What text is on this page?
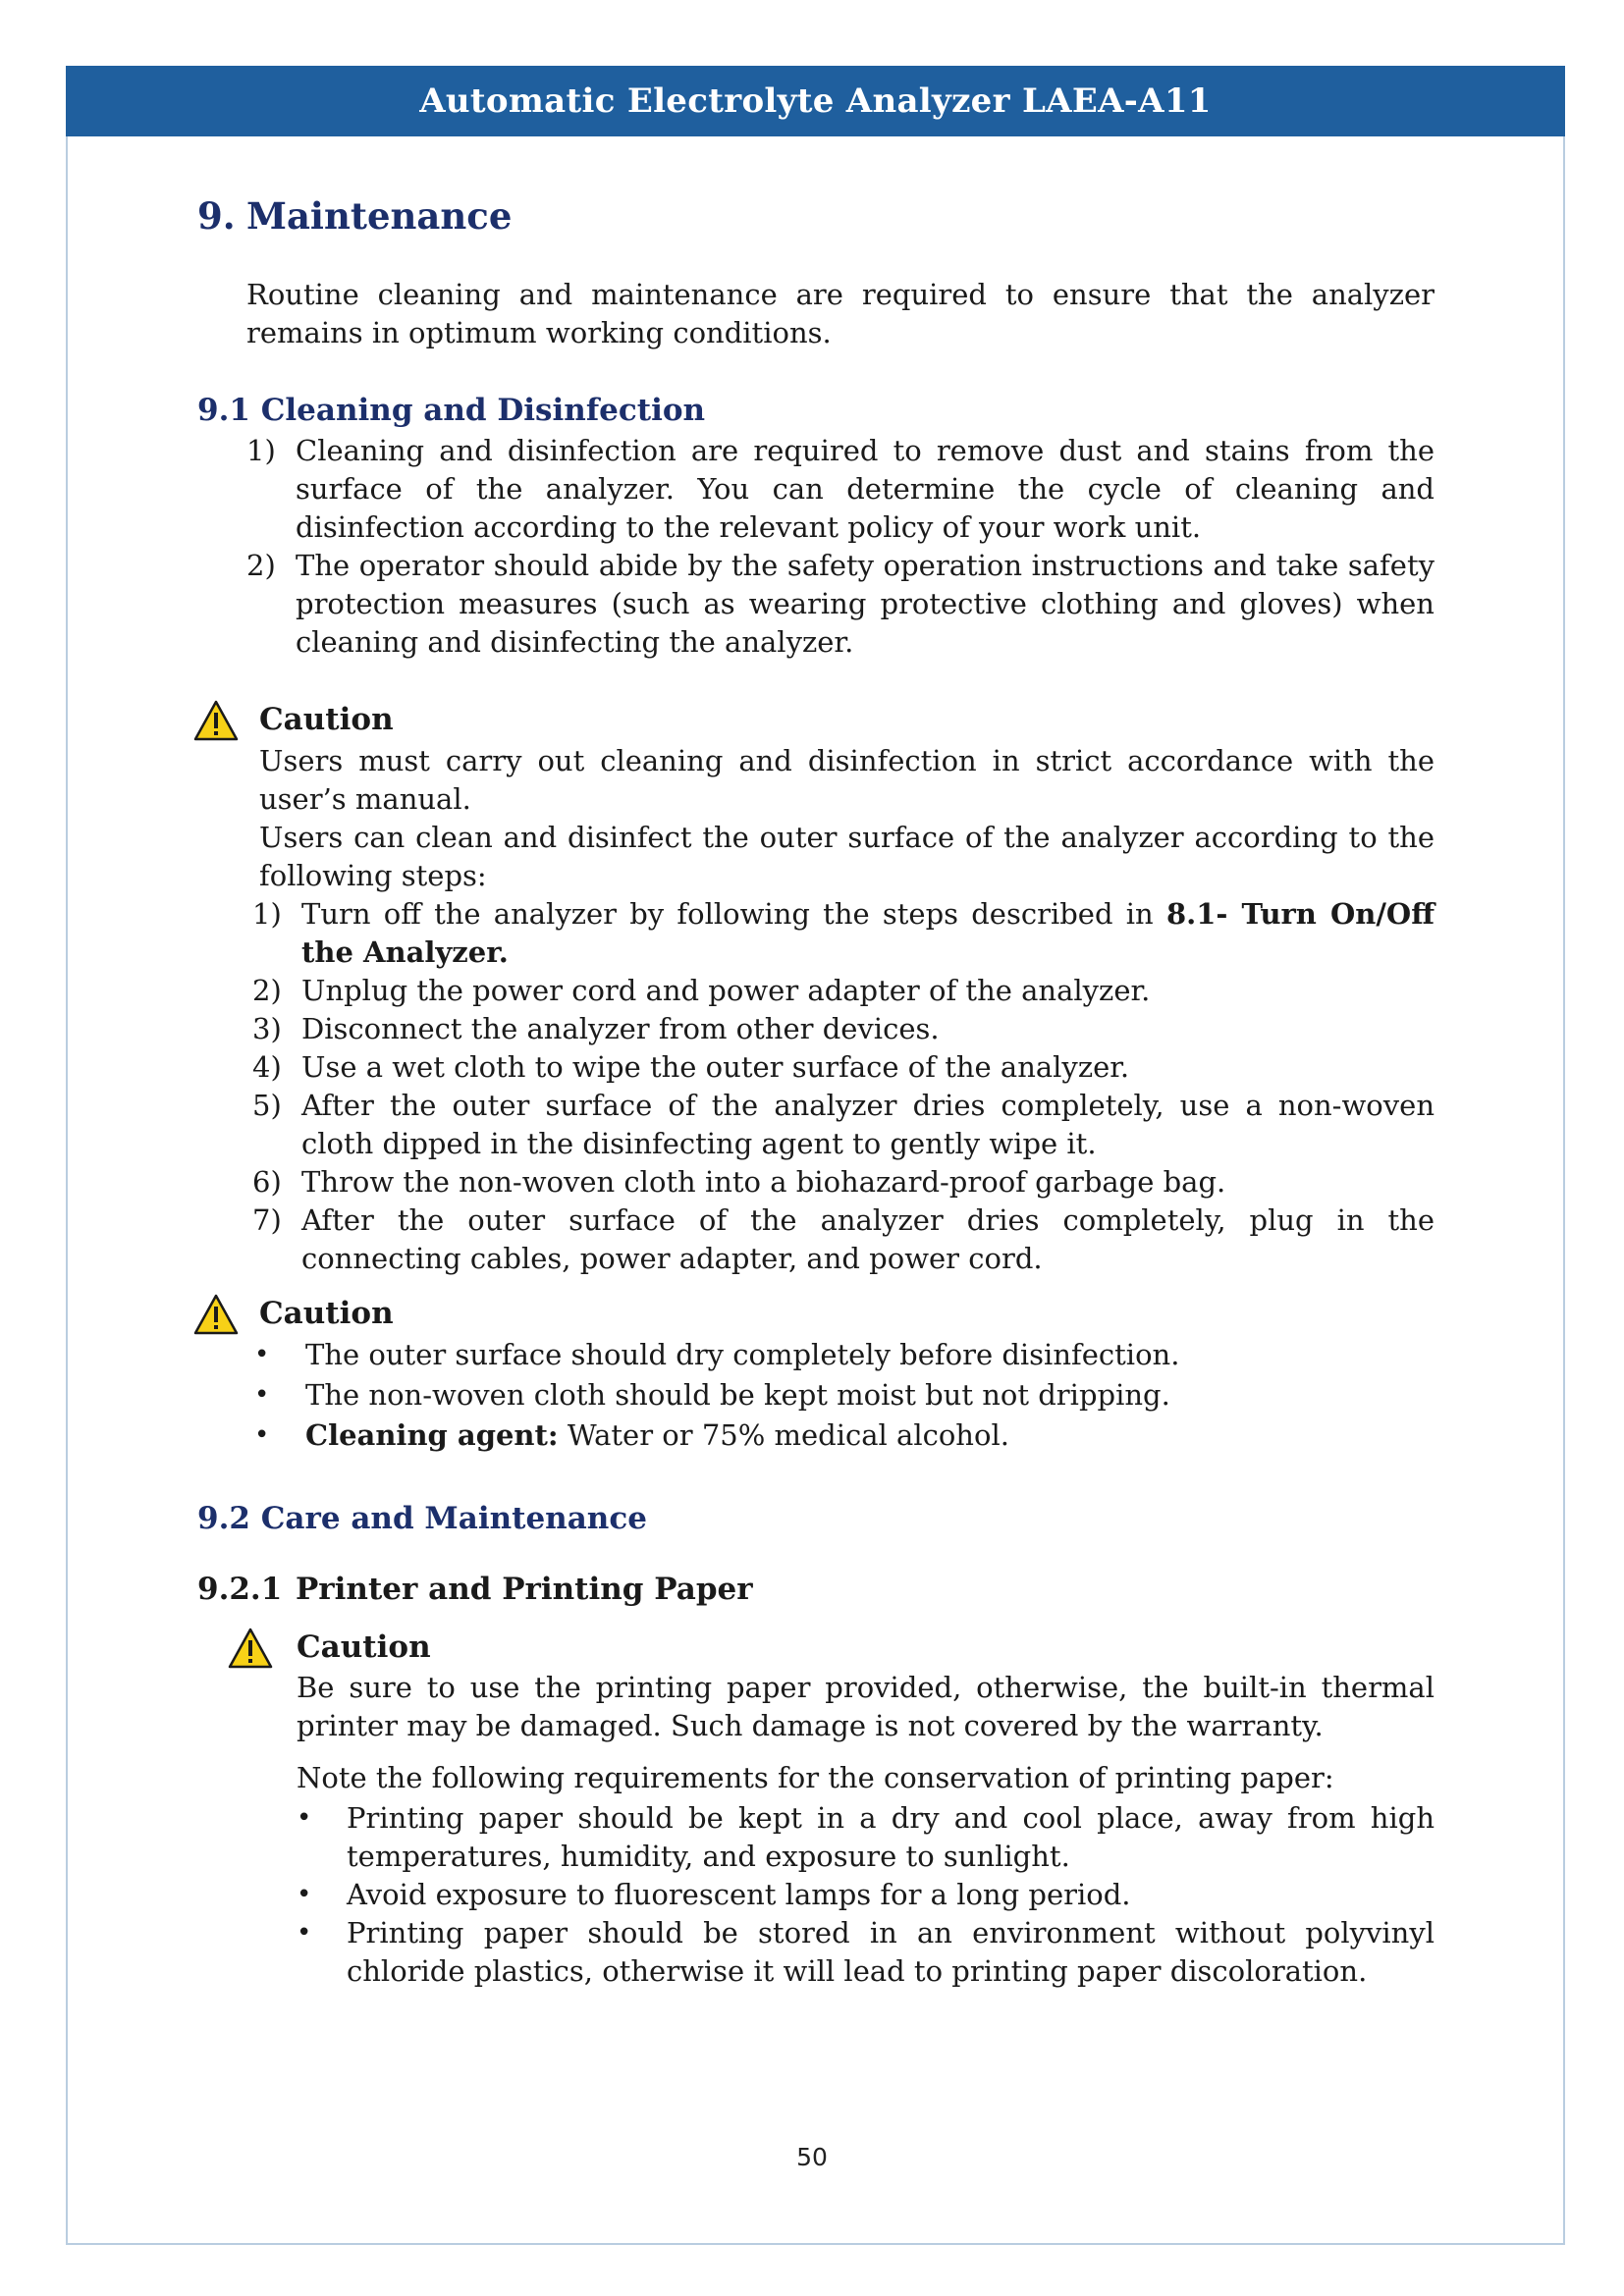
Automatic Electrolyte Analyzer LAEA-A11
9. Maintenance
Routine cleaning and maintenance are required to ensure that the analyzer remains in optimum working conditions.
9.1 Cleaning and Disinfection
1) Cleaning and disinfection are required to remove dust and stains from the surface of the analyzer. You can determine the cycle of cleaning and disinfection according to the relevant policy of your work unit.
2) The operator should abide by the safety operation instructions and take safety protection measures (such as wearing protective clothing and gloves) when cleaning and disinfecting the analyzer.
Caution
Users must carry out cleaning and disinfection in strict accordance with the user’s manual.
Users can clean and disinfect the outer surface of the analyzer according to the following steps:
1) Turn off the analyzer by following the steps described in 8.1- Turn On/Off the Analyzer.
2) Unplug the power cord and power adapter of the analyzer.
3) Disconnect the analyzer from other devices.
4) Use a wet cloth to wipe the outer surface of the analyzer.
5) After the outer surface of the analyzer dries completely, use a non-woven cloth dipped in the disinfecting agent to gently wipe it.
6) Throw the non-woven cloth into a biohazard-proof garbage bag.
7) After the outer surface of the analyzer dries completely, plug in the connecting cables, power adapter, and power cord.
Caution
• The outer surface should dry completely before disinfection.
• The non-woven cloth should be kept moist but not dripping.
• Cleaning agent: Water or 75% medical alcohol.
9.2 Care and Maintenance
9.2.1 Printer and Printing Paper
Caution
Be sure to use the printing paper provided, otherwise, the built-in thermal printer may be damaged. Such damage is not covered by the warranty.
Note the following requirements for the conservation of printing paper:
• Printing paper should be kept in a dry and cool place, away from high temperatures, humidity, and exposure to sunlight.
• Avoid exposure to fluorescent lamps for a long period.
• Printing paper should be stored in an environment without polyvinyl chloride plastics, otherwise it will lead to printing paper discoloration.
50
